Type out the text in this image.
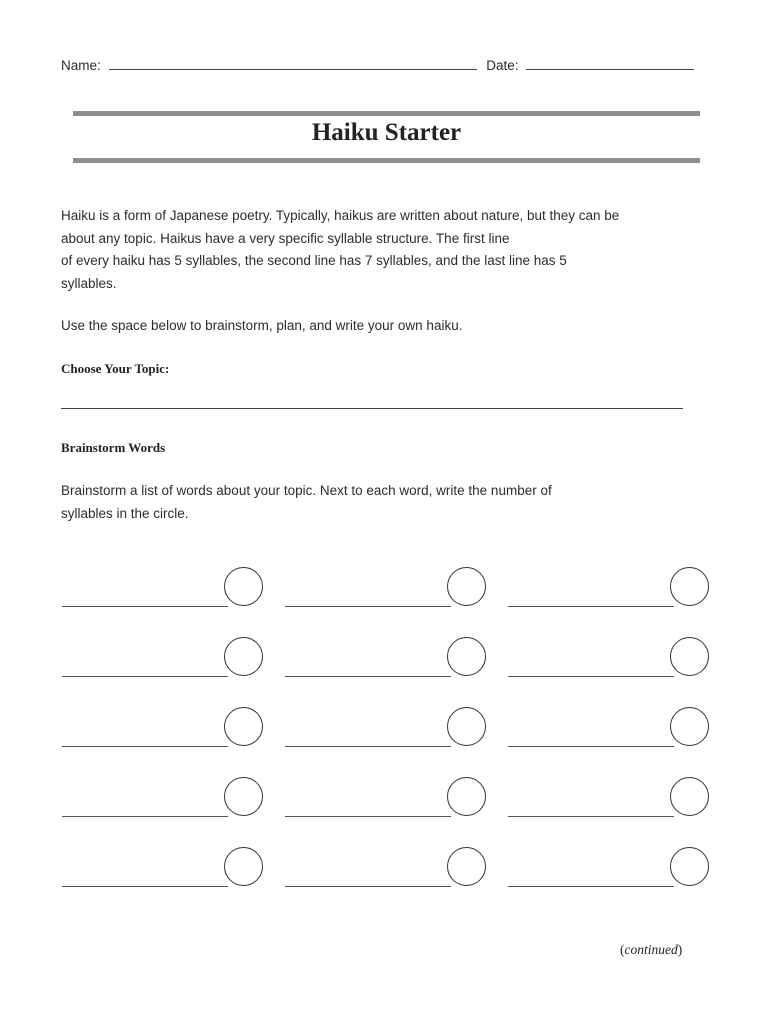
Name:	Date:
Haiku Starter
Haiku is a form of Japanese poetry. Typically, haikus are written about nature, but they can be
about any topic. Haikus have a very specific syllable structure. The first line
of every haiku has 5 syllables, the second line has 7 syllables, and the last line has 5
syllables.
Use the space below to brainstorm, plan, and write your own haiku.
Choose Your Topic:
Brainstorm Words
Brainstorm a list of words about your topic. Next to each word, write the number of
syllables in the circle.
(continued)
